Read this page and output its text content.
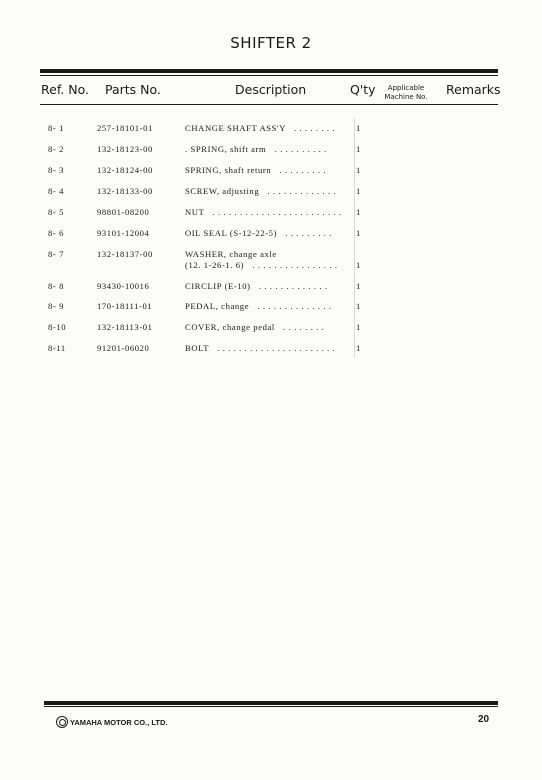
SHIFTER 2
Ref. No. Parts No.	Description	Q'ty	Applicable
Machine No.	Remarks
8- 1	257-18101-01	CHANGE SHAFT ASS'Y   . . . . . . . . 1
8- 2	132-18123-00	. SPRING, shift arm   . . . . . . . . . .	1
8- 3	132-18124-00	SPRING, shaft return   . . . . . . . . .	1
8- 4	132-18133-00	SCREW, adjusting   . . . . . . . . . . . . . 1
8- 5	98801-08200	NUT   . . . . . . . . . . . . . . . . . . . . . . . . 1
8- 6	93101-12004	OIL SEAL (S-12-22-5)   . . . . . . . . .	1
8- 7	132-18137-00	WASHER, change axle
(12. 1-26-1. 6)   . . . . . . . . . . . . . . . . 1
8- 8	93430-10016	CIRCLIP (E-10)   . . . . . . . . . . . . .	1
8- 9	170-18111-01	PEDAL, change   . . . . . . . . . . . . . .	1
8-10	132-18113-01	COVER, change pedal   . . . . . . . .	1
8-11	91201-06020	BOLT   . . . . . . . . . . . . . . . . . . . . . . 1
YAMAHA MOTOR CO., LTD.	20
